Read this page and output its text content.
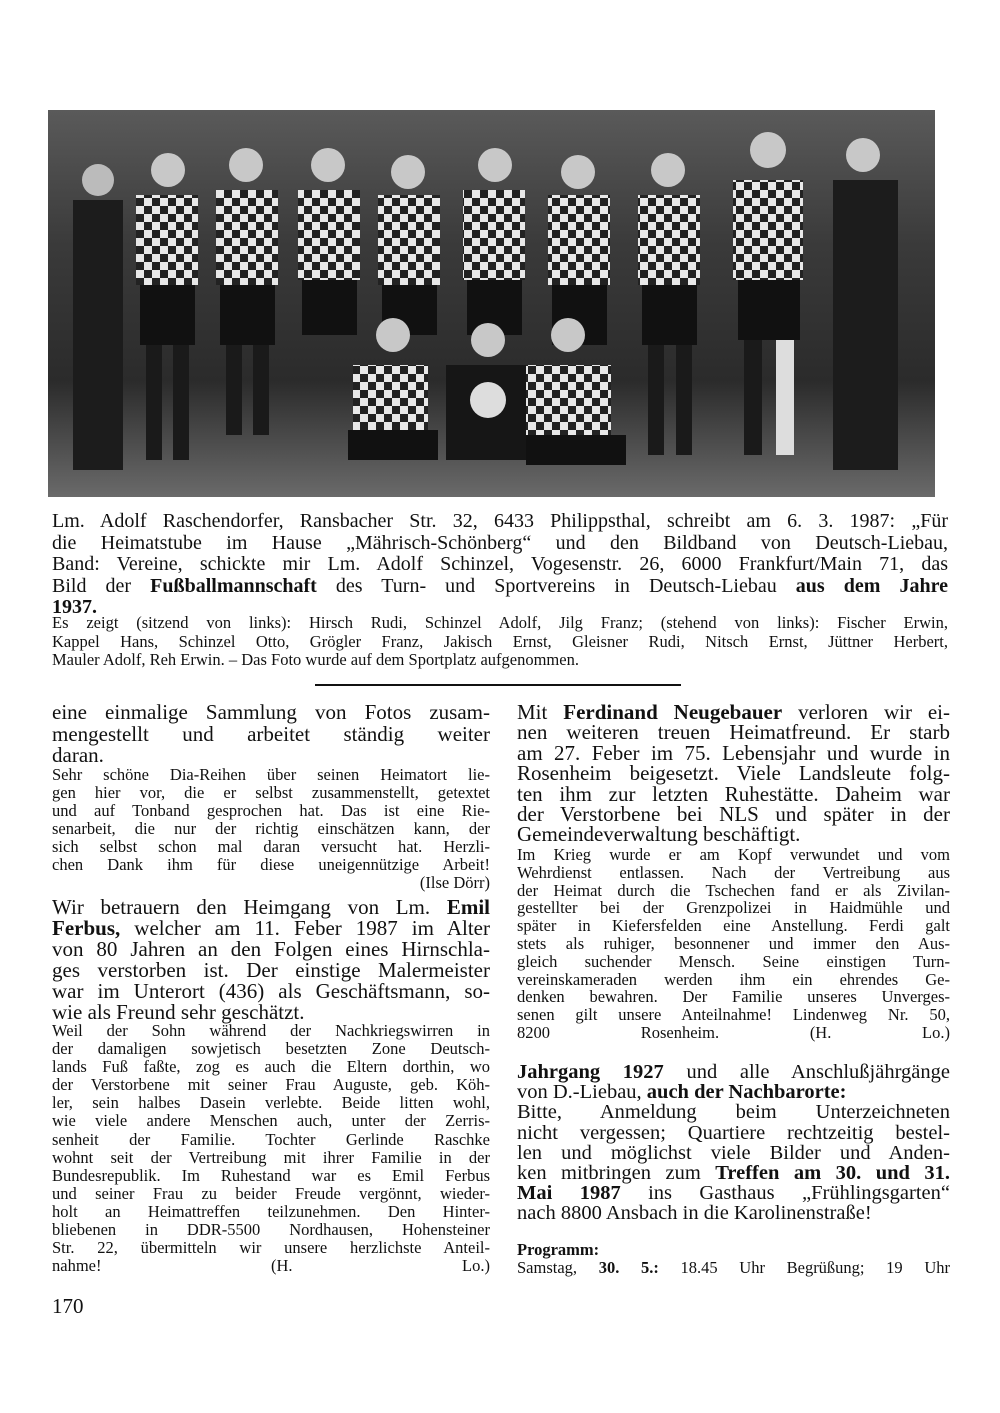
Lm. Adolf Raschendorfer, Ransbacher Str. 32, 6433 Philippsthal, schreibt am 6. 3. 1987: „Für
die Heimatstube im Hause „Mährisch-Schönberg“ und den Bildband von Deutsch-Liebau,
Band: Vereine, schickte mir Lm. Adolf Schinzel, Vogesenstr. 26, 6000 Frankfurt/Main 71, das
Bild der Fußballmannschaft des Turn- und Sportvereins in Deutsch-Liebau aus dem Jahre
1937.
Es zeigt (sitzend von links): Hirsch Rudi, Schinzel Adolf, Jilg Franz; (stehend von links): Fischer Erwin,
Kappel Hans, Schinzel Otto, Grögler Franz, Jakisch Ernst, Gleisner Rudi, Nitsch Ernst, Jüttner Herbert,
Mauler Adolf, Reh Erwin. – Das Foto wurde auf dem Sportplatz aufgenommen.
eine einmalige Sammlung von Fotos zusam-
mengestellt und arbeitet ständig weiter
daran.
Sehr schöne Dia-Reihen über seinen Heimatort lie-
gen hier vor, die er selbst zusammenstellt, getextet
und auf Tonband gesprochen hat. Das ist eine Rie-
senarbeit, die nur der richtig einschätzen kann, der
sich selbst schon mal daran versucht hat. Herzli-
chen Dank ihm für diese uneigennützige Arbeit!
(Ilse Dörr)
Wir betrauern den Heimgang von Lm. Emil
Ferbus, welcher am 11. Feber 1987 im Alter
von 80 Jahren an den Folgen eines Hirnschla-
ges verstorben ist. Der einstige Malermeister
war im Unterort (436) als Geschäftsmann, so-
wie als Freund sehr geschätzt.
Weil der Sohn während der Nachkriegswirren in
der damaligen sowjetisch besetzten Zone Deutsch-
lands Fuß faßte, zog es auch die Eltern dorthin, wo
der Verstorbene mit seiner Frau Auguste, geb. Köh-
ler, sein halbes Dasein verlebte. Beide litten wohl,
wie viele andere Menschen auch, unter der Zerris-
senheit der Familie. Tochter Gerlinde Raschke
wohnt seit der Vertreibung mit ihrer Familie in der
Bundesrepublik. Im Ruhestand war es Emil Ferbus
und seiner Frau zu beider Freude vergönnt, wieder-
holt an Heimattreffen teilzunehmen. Den Hinter-
bliebenen in DDR-5500 Nordhausen, Hohensteiner
Str. 22, übermitteln wir unsere herzlichste Anteil-
nahme!	(H. Lo.)
Mit Ferdinand Neugebauer verloren wir ei-
nen weiteren treuen Heimatfreund. Er starb
am 27. Feber im 75. Lebensjahr und wurde in
Rosenheim beigesetzt. Viele Landsleute folg-
ten ihm zur letzten Ruhestätte. Daheim war
der Verstorbene bei NLS und später in der
Gemeindeverwaltung beschäftigt.
Im Krieg wurde er am Kopf verwundet und vom
Wehrdienst entlassen. Nach der Vertreibung aus
der Heimat durch die Tschechen fand er als Zivilan-
gestellter bei der Grenzpolizei in Haidmühle und
später in Kiefersfelden eine Anstellung. Ferdi galt
stets als ruhiger, besonnener und immer den Aus-
gleich suchender Mensch. Seine einstigen Turn-
vereinskameraden werden ihm ein ehrendes Ge-
denken bewahren. Der Familie unseres Unverges-
senen gilt unsere Anteilnahme! Lindenweg Nr. 50,
8200 Rosenheim.	(H. Lo.)
Jahrgang 1927 und alle Anschlußjährgänge
von D.-Liebau, auch der Nachbarorte:
Bitte, Anmeldung beim Unterzeichneten
nicht vergessen; Quartiere rechtzeitig bestel-
len und möglichst viele Bilder und Anden-
ken mitbringen zum Treffen am 30. und 31.
Mai 1987 ins Gasthaus „Frühlingsgarten“
nach 8800 Ansbach in die Karolinenstraße!
Programm:
Samstag, 30. 5.: 18.45 Uhr Begrüßung; 19 Uhr
170
